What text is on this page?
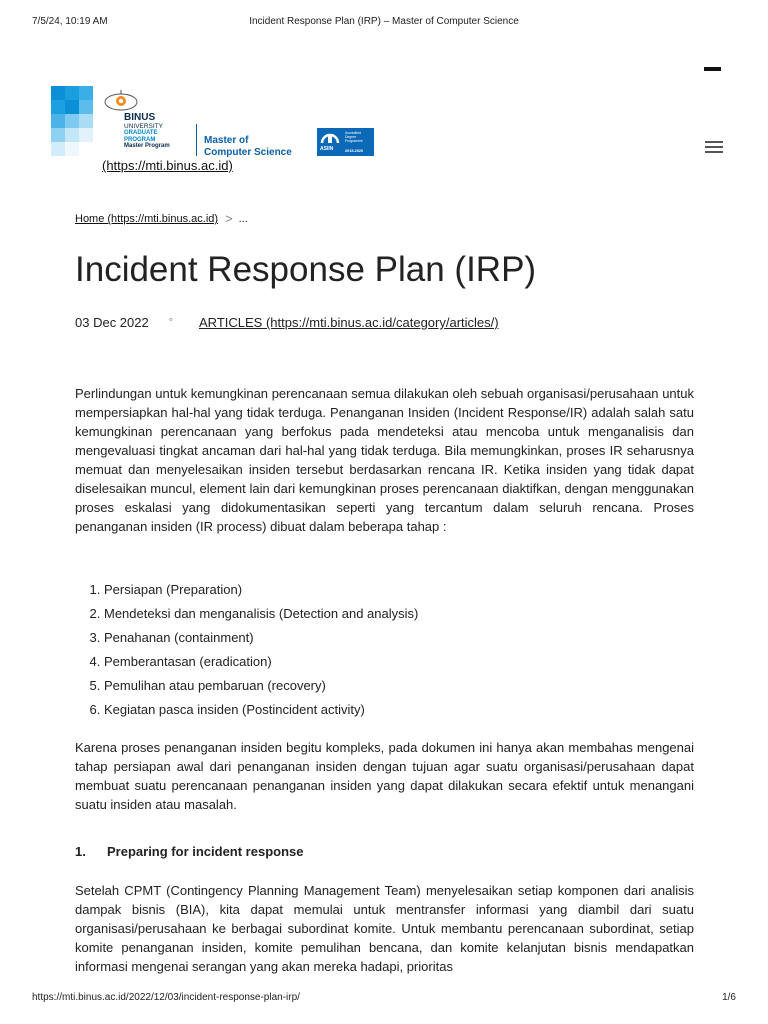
7/5/24, 10:19 AM	Incident Response Plan (IRP) – Master of Computer Science
BINUS
UNIVERSITY
GRADUATE
PROGRAM
Master Program	Master of
Computer Science
Accredited
Degree
Programme
2015-2020
ASIIN
(https://mti.binus.ac.id)
Home (https://mti.binus.ac.id) > ...
Incident Response Plan (IRP)
03 Dec 2022 ◦ ARTICLES (https://mti.binus.ac.id/category/articles/)

Perlindungan untuk kemungkinan perencanaan semua dilakukan oleh sebuah organisasi/perusahaan untuk mempersiapkan hal-hal yang tidak terduga. Penanganan Insiden (Incident Response/IR) adalah salah satu kemungkinan perencanaan yang berfokus pada mendeteksi atau mencoba untuk menganalisis dan mengevaluasi tingkat ancaman dari hal-hal yang tidak terduga. Bila memungkinkan, proses IR seharusnya memuat dan menyelesaikan insiden tersebut berdasarkan rencana IR. Ketika insiden yang tidak dapat diselesaikan muncul, element lain dari kemungkinan proses perencanaan diaktifkan, dengan menggunakan proses eskalasi yang didokumentasikan seperti yang tercantum dalam seluruh rencana. Proses penanganan insiden (IR process) dibuat dalam beberapa tahap :

1. Persiapan (Preparation)
2. Mendeteksi dan menganalisis (Detection and analysis)
3. Penahanan (containment)
4. Pemberantasan (eradication)
5. Pemulihan atau pembaruan (recovery)
6. Kegiatan pasca insiden (Postincident activity)

Karena proses penanganan insiden begitu kompleks, pada dokumen ini hanya akan membahas mengenai tahap persiapan awal dari penanganan insiden dengan tujuan agar suatu organisasi/perusahaan dapat membuat suatu perencanaan penanganan insiden yang dapat dilakukan secara efektif untuk menangani suatu insiden atau masalah.

1. Preparing for incident response

Setelah CPMT (Contingency Planning Management Team) menyelesaikan setiap komponen dari analisis dampak bisnis (BIA), kita dapat memulai untuk mentransfer informasi yang diambil dari suatu organisasi/perusahaan ke berbagai subordinat komite. Untuk membantu perencanaan subordinat, setiap komite penanganan insiden, komite pemulihan bencana, dan komite kelanjutan bisnis mendapatkan informasi mengenai serangan yang akan mereka hadapi, prioritas

https://mti.binus.ac.id/2022/12/03/incident-response-plan-irp/	1/6
